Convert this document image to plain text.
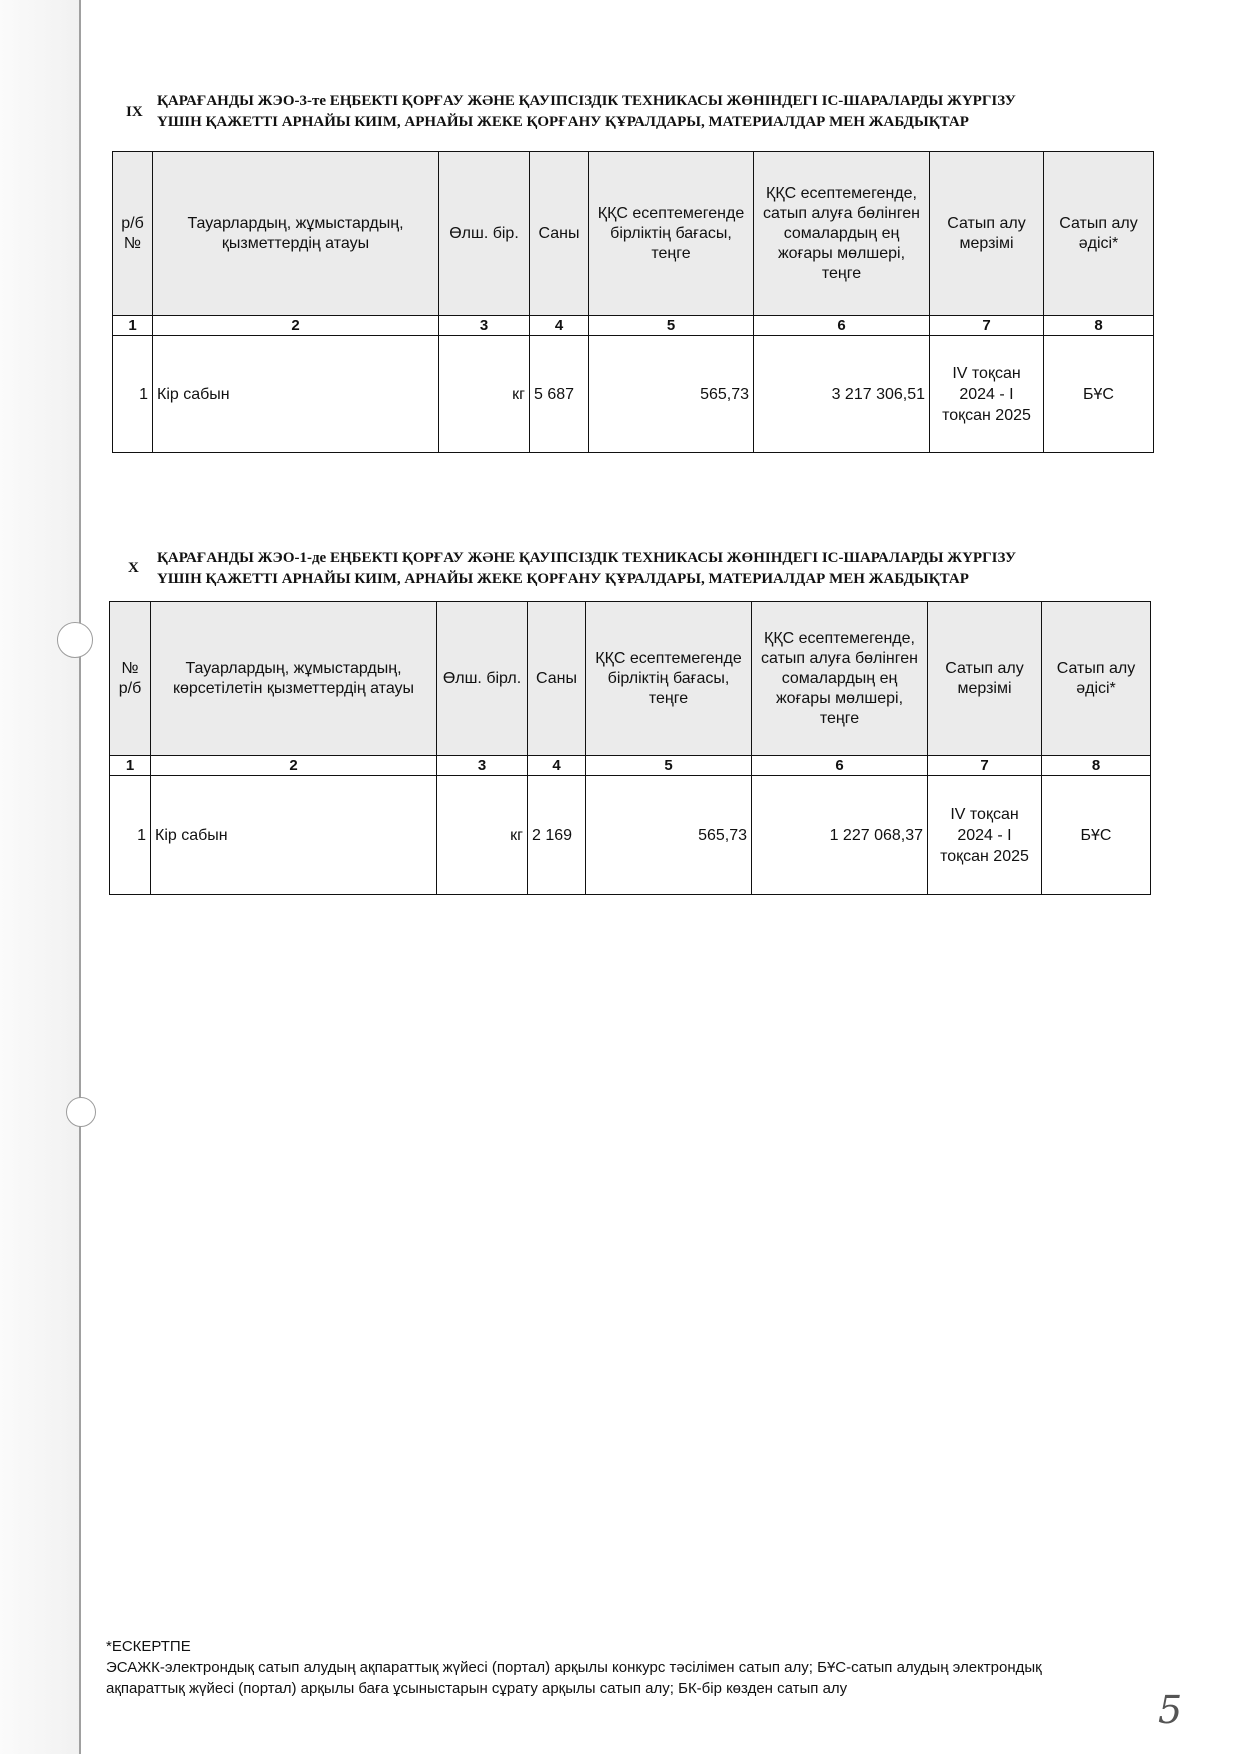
IX
ҚАРАҒАНДЫ ЖЭО-3-те ЕҢБЕКТІ ҚОРҒАУ ЖӘНЕ ҚАУІПСІЗДІК ТЕХНИКАСЫ ЖӨНІНДЕГІ ІС-ШАРАЛАРДЫ ЖҮРГІЗУ
ҮШІН ҚАЖЕТТІ АРНАЙЫ КИІМ, АРНАЙЫ ЖЕКЕ ҚОРҒАНУ ҚҰРАЛДАРЫ, МАТЕРИАЛДАР МЕН ЖАБДЫҚТАР
р/б №	Тауарлардың, жұмыстардың, қызметтердің атауы	Өлш. бір.	Саны	ҚҚС есептемегенде бірліктің бағасы, теңге	ҚҚС есептемегенде, сатып алуға бөлінген сомалардың ең жоғары мөлшері, теңге	Сатып алу мерзімі	Сатып алу әдісі*
1	2	3	4	5	6	7	8
1	Кір сабын	кг	5 687	565,73	3 217 306,51	IV тоқсан 2024 - І тоқсан 2025	БҰС
X
ҚАРАҒАНДЫ ЖЭО-1-де ЕҢБЕКТІ ҚОРҒАУ ЖӘНЕ ҚАУІПСІЗДІК ТЕХНИКАСЫ ЖӨНІНДЕГІ ІС-ШАРАЛАРДЫ ЖҮРГІЗУ
ҮШІН ҚАЖЕТТІ АРНАЙЫ КИІМ, АРНАЙЫ ЖЕКЕ ҚОРҒАНУ ҚҰРАЛДАРЫ, МАТЕРИАЛДАР МЕН ЖАБДЫҚТАР
№ р/б	Тауарлардың, жұмыстардың, көрсетілетін қызметтердің атауы	Өлш. бірл.	Саны	ҚҚС есептемегенде бірліктің бағасы, теңге	ҚҚС есептемегенде, сатып алуға бөлінген сомалардың ең жоғары мөлшері, теңге	Сатып алу мерзімі	Сатып алу әдісі*
1	2	3	4	5	6	7	8
1	Кір сабын	кг	2 169	565,73	1 227 068,37	IV тоқсан 2024 - І тоқсан 2025	БҰС
*ЕСКЕРТПЕ
ЭСАЖК-электрондық сатып алудың ақпараттық жүйесі (портал) арқылы конкурс тәсілімен сатып алу; БҰС-сатып алудың электрондық ақпараттық жүйесі (портал) арқылы баға ұсыныстарын сұрату арқылы сатып алу; БК-бір көзден сатып алу	5
